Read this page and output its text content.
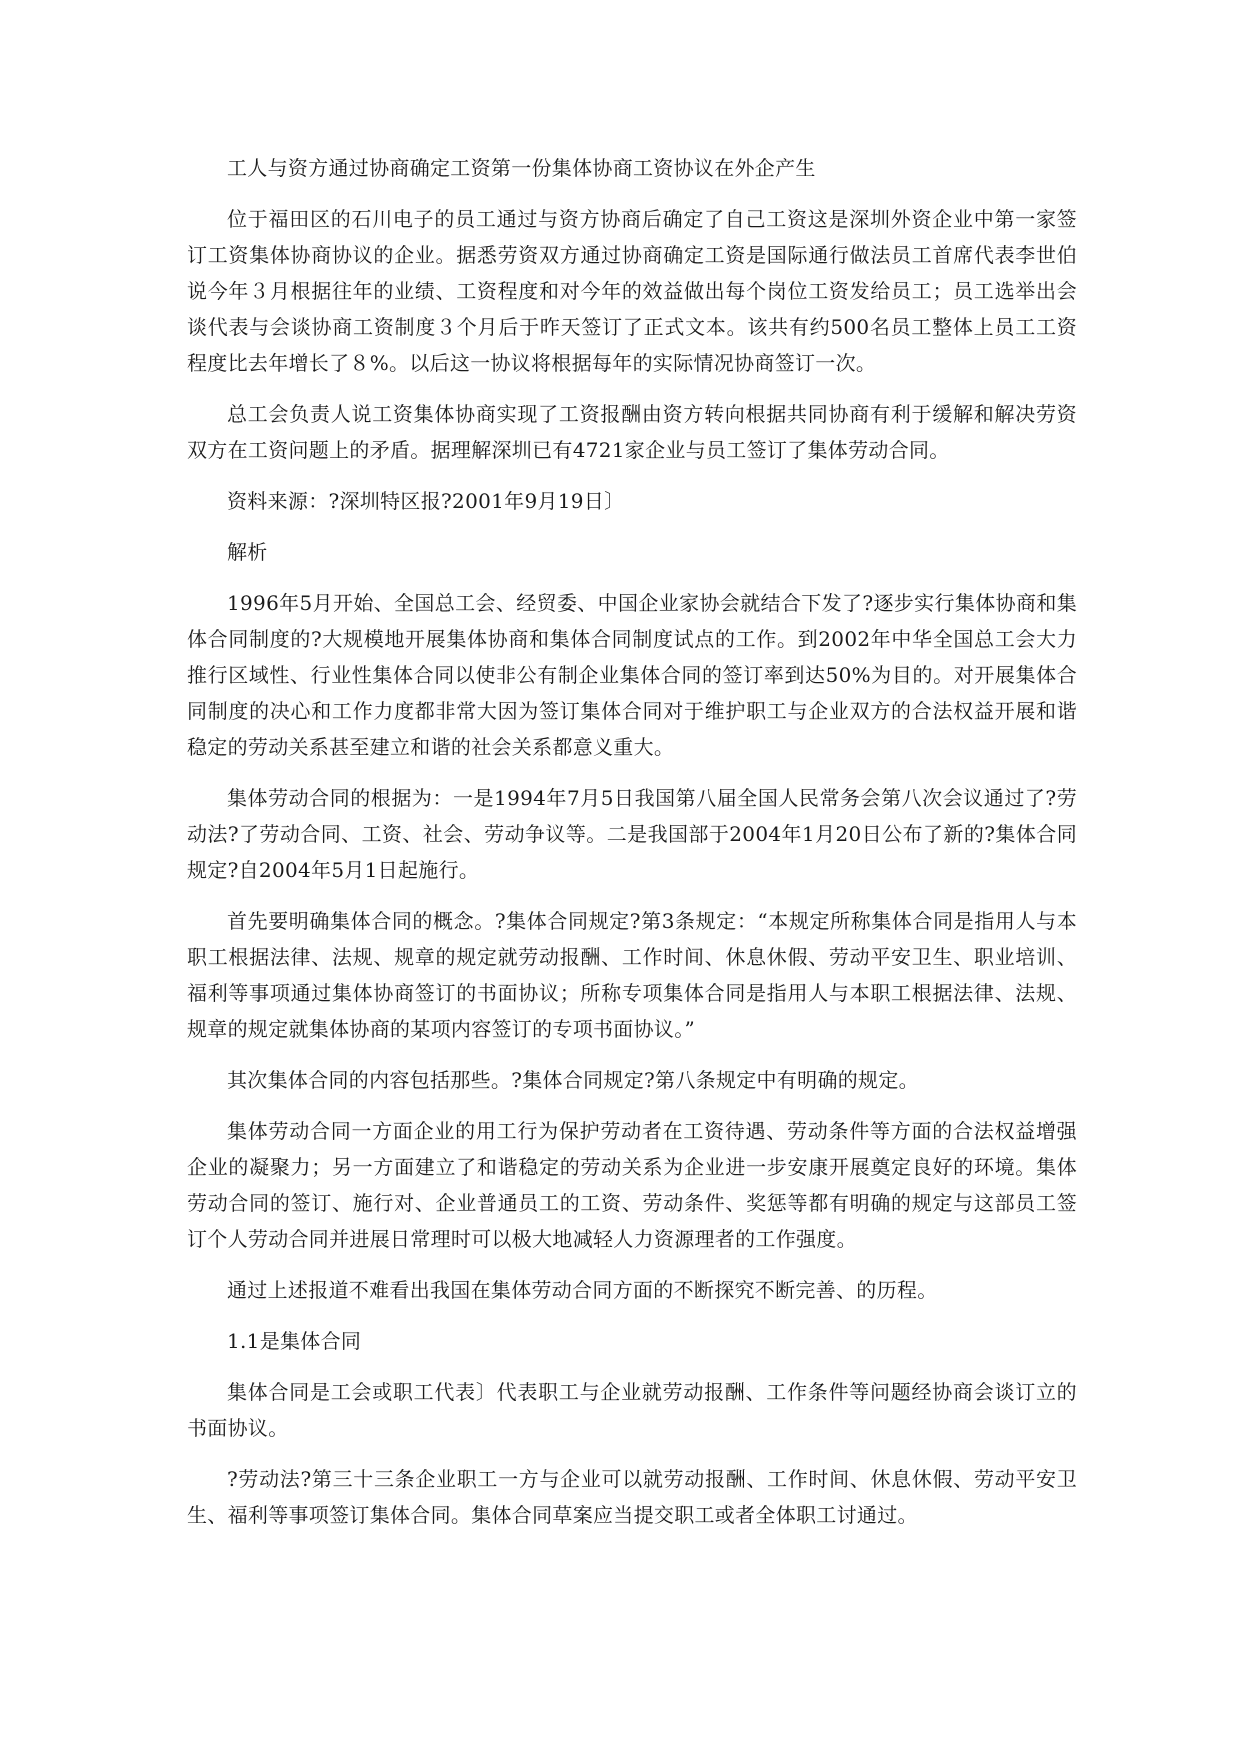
工人与资方通过协商确定工资第一份集体协商工资协议在外企产生

位于福田区的石川电子的员工通过与资方协商后确定了自己工资这是深圳外资企业中第一家签订工资集体协商协议的企业。据悉劳资双方通过协商确定工资是国际通行做法员工首席代表李世伯说今年３月根据往年的业绩、工资程度和对今年的效益做出每个岗位工资发给员工；员工选举出会谈代表与会谈协商工资制度３个月后于昨天签订了正式文本。该共有约500名员工整体上员工工资程度比去年增长了８%。以后这一协议将根据每年的实际情况协商签订一次。

总工会负责人说工资集体协商实现了工资报酬由资方转向根据共同协商有利于缓解和解决劳资双方在工资问题上的矛盾。据理解深圳已有4721家企业与员工签订了集体劳动合同。

资料来源：?深圳特区报?2001年9月19日〕

解析

1996年5月开始、全国总工会、经贸委、中国企业家协会就结合下发了?逐步实行集体协商和集体合同制度的?大规模地开展集体协商和集体合同制度试点的工作。到2002年中华全国总工会大力推行区域性、行业性集体合同以使非公有制企业集体合同的签订率到达50%为目的。对开展集体合同制度的决心和工作力度都非常大因为签订集体合同对于维护职工与企业双方的合法权益开展和谐稳定的劳动关系甚至建立和谐的社会关系都意义重大。

集体劳动合同的根据为：一是1994年7月5日我国第八届全国人民常务会第八次会议通过了?劳动法?了劳动合同、工资、社会、劳动争议等。二是我国部于2004年1月20日公布了新的?集体合同规定?自2004年5月1日起施行。

首先要明确集体合同的概念。?集体合同规定?第3条规定：“本规定所称集体合同是指用人与本职工根据法律、法规、规章的规定就劳动报酬、工作时间、休息休假、劳动平安卫生、职业培训、福利等事项通过集体协商签订的书面协议；所称专项集体合同是指用人与本职工根据法律、法规、规章的规定就集体协商的某项内容签订的专项书面协议。”

其次集体合同的内容包括那些。?集体合同规定?第八条规定中有明确的规定。

集体劳动合同一方面企业的用工行为保护劳动者在工资待遇、劳动条件等方面的合法权益增强企业的凝聚力；另一方面建立了和谐稳定的劳动关系为企业进一步安康开展奠定良好的环境。集体劳动合同的签订、施行对、企业普通员工的工资、劳动条件、奖惩等都有明确的规定与这部员工签订个人劳动合同并进展日常理时可以极大地减轻人力资源理者的工作强度。

通过上述报道不难看出我国在集体劳动合同方面的不断探究不断完善、的历程。

1.1是集体合同

集体合同是工会或职工代表〕代表职工与企业就劳动报酬、工作条件等问题经协商会谈订立的书面协议。

?劳动法?第三十三条企业职工一方与企业可以就劳动报酬、工作时间、休息休假、劳动平安卫生、福利等事项签订集体合同。集体合同草案应当提交职工或者全体职工讨通过。
